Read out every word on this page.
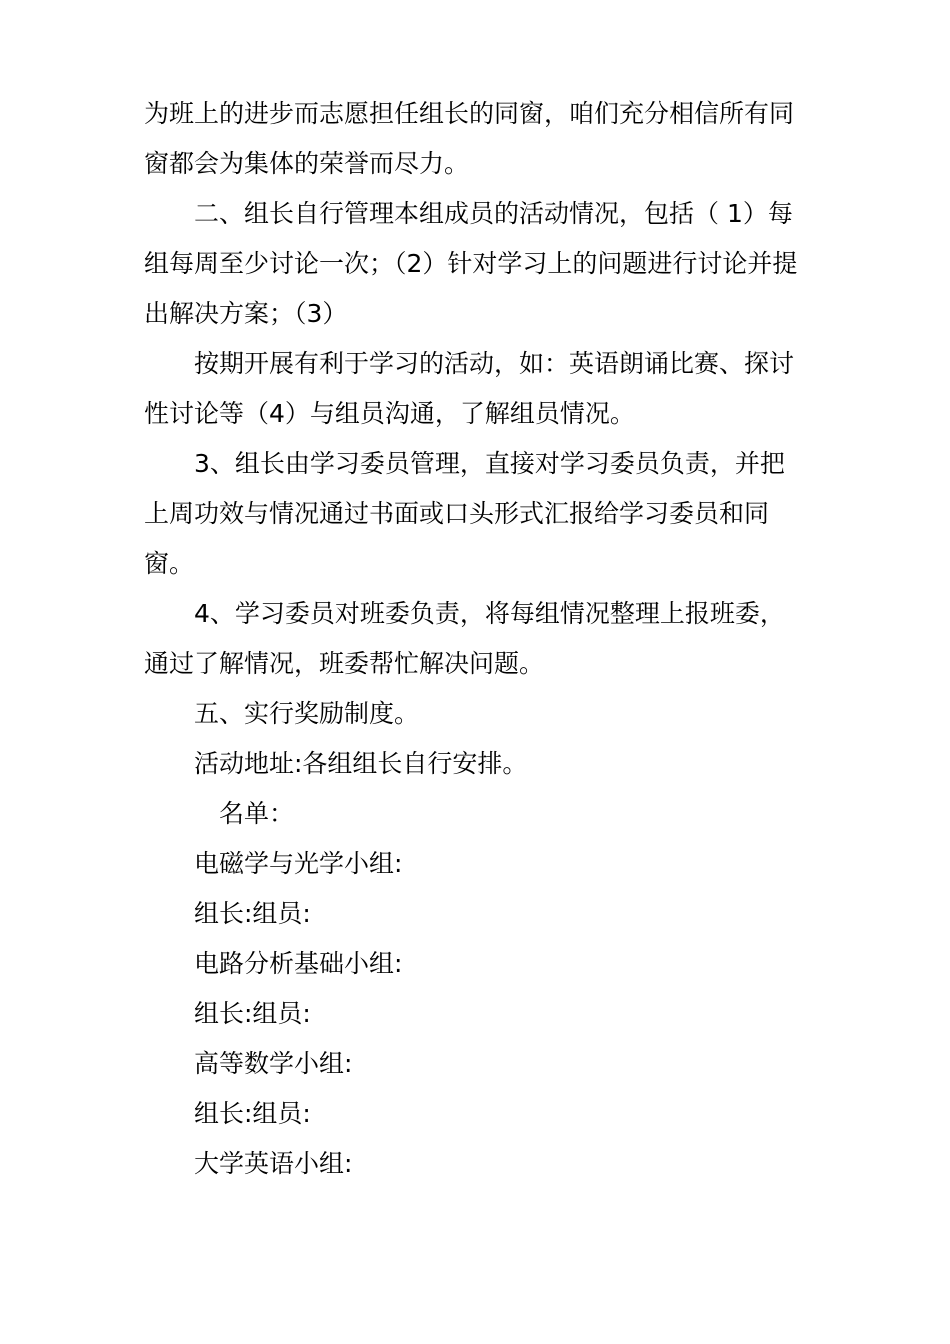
为班上的进步而志愿担任组长的同窗，咱们充分相信所有同
窗都会为集体的荣誉而尽力。
二、组长自行管理本组成员的活动情况，包括（ 1）每
组每周至少讨论一次；（2）针对学习上的问题进行讨论并提
出解决方案；（3）
按期开展有利于学习的活动，如：英语朗诵比赛、探讨
性讨论等（4）与组员沟通，了解组员情况。
3、组长由学习委员管理，直接对学习委员负责，并把
上周功效与情况通过书面或口头形式汇报给学习委员和同
窗。
4、学习委员对班委负责，将每组情况整理上报班委，
通过了解情况，班委帮忙解决问题。
五、实行奖励制度。
活动地址:各组组长自行安排。
名单：
电磁学与光学小组:
组长:组员:
电路分析基础小组:
组长:组员:
高等数学小组:
组长:组员:
大学英语小组:
